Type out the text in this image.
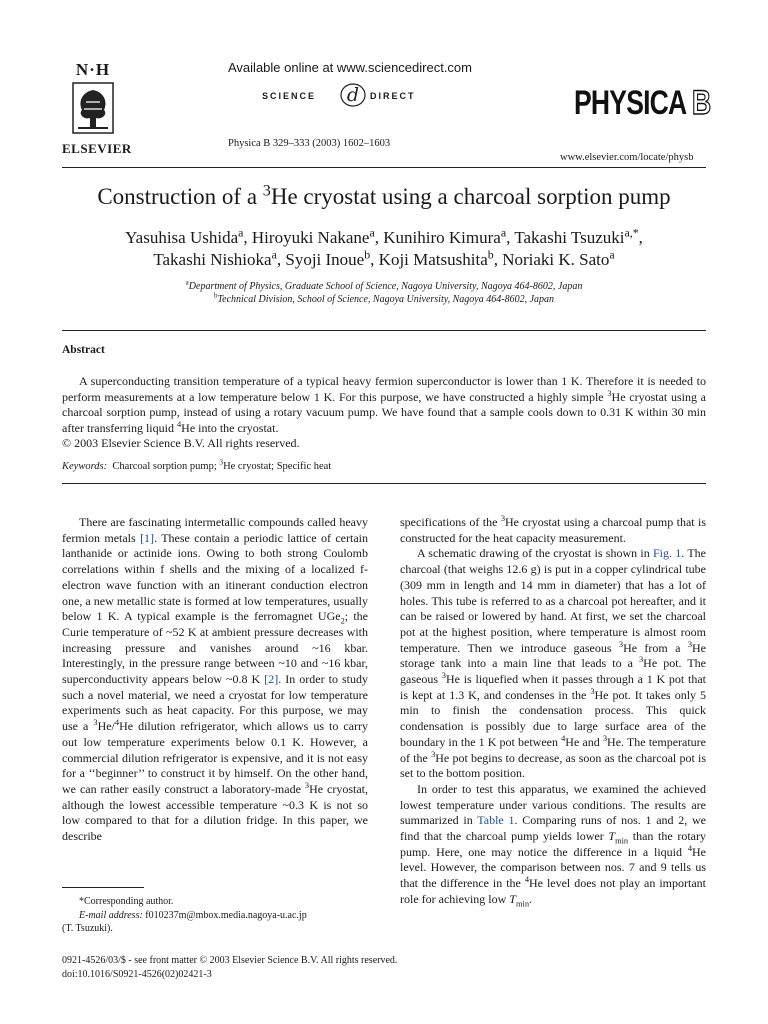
N·H
ELSEVIER
Available online at www.sciencedirect.com
SCIENCE d DIRECT
Physica B 329–333 (2003) 1602–1603
PHYSICA B
www.elsevier.com/locate/physb
Construction of a $^3$He cryostat using a charcoal sorption pump
Yasuhisa Ushida$^a$, Hiroyuki Nakane$^a$, Kunihiro Kimura$^a$, Takashi Tsuzuki$^{a,*}$,
Takashi Nishioka$^a$, Syoji Inoue$^b$, Koji Matsushita$^b$, Noriaki K. Sato$^a$
$^a$Department of Physics, Graduate School of Science, Nagoya University, Nagoya 464-8602, Japan
$^b$Technical Division, School of Science, Nagoya University, Nagoya 464-8602, Japan
Abstract
A superconducting transition temperature of a typical heavy fermion superconductor is lower than 1 K. Therefore it is needed to perform measurements at a low temperature below 1 K. For this purpose, we have constructed a highly simple $^3$He cryostat using a charcoal sorption pump, instead of using a rotary vacuum pump. We have found that a sample cools down to 0.31 K within 30 min after transferring liquid $^4$He into the cryostat.
© 2003 Elsevier Science B.V. All rights reserved.
Keywords: Charcoal sorption pump; $^3$He cryostat; Specific heat

There are fascinating intermetallic compounds called heavy fermion metals [1]. These contain a periodic lattice of certain lanthanide or actinide ions. Owing to both strong Coulomb correlations within f shells and the mixing of a localized f-electron wave function with an itinerant conduction electron one, a new metallic state is formed at low temperatures, usually below 1 K. A typical example is the ferromagnet UGe$_2$; the Curie temperature of ~52 K at ambient pressure decreases with increasing pressure and vanishes around ~16 kbar. Interestingly, in the pressure range between ~10 and ~16 kbar, superconductivity appears below ~0.8 K [2]. In order to study such a novel material, we need a cryostat for low temperature experiments such as heat capacity. For this purpose, we may use a $^3$He/$^4$He dilution refrigerator, which allows us to carry out low temperature experiments below 0.1 K. However, a commercial dilution refrigerator is expensive, and it is not easy for a ‘‘beginner’’ to construct it by himself. On the other hand, we can rather easily construct a laboratory-made $^3$He cryostat, although the lowest accessible temperature ~0.3 K is not so low compared to that for a dilution fridge. In this paper, we describe

specifications of the $^3$He cryostat using a charcoal pump that is constructed for the heat capacity measurement.

A schematic drawing of the cryostat is shown in Fig. 1. The charcoal (that weighs 12.6 g) is put in a copper cylindrical tube (309 mm in length and 14 mm in diameter) that has a lot of holes. This tube is referred to as a charcoal pot hereafter, and it can be raised or lowered by hand. At first, we set the charcoal pot at the highest position, where temperature is almost room temperature. Then we introduce gaseous $^3$He from a $^3$He storage tank into a main line that leads to a $^3$He pot. The gaseous $^3$He is liquefied when it passes through a 1 K pot that is kept at 1.3 K, and condenses in the $^3$He pot. It takes only 5 min to finish the condensation process. This quick condensation is possibly due to large surface area of the boundary in the 1 K pot between $^4$He and $^3$He. The temperature of the $^3$He pot begins to decrease, as soon as the charcoal pot is set to the bottom position.

In order to test this apparatus, we examined the achieved lowest temperature under various conditions. The results are summarized in Table 1. Comparing runs of nos. 1 and 2, we find that the charcoal pump yields lower $T_{min}$ than the rotary pump. Here, one may notice the difference in a liquid $^4$He level. However, the comparison between nos. 7 and 9 tells us that the difference in the $^4$He level does not play an important role for achieving low $T_{min}$.

*Corresponding author.

E-mail address: f010237m@mbox.media.nagoya-u.ac.jp

(T. Tsuzuki).

0921-4526/03/$ - see front matter © 2003 Elsevier Science B.V. All rights reserved.
doi:10.1016/S0921-4526(02)02421-3
